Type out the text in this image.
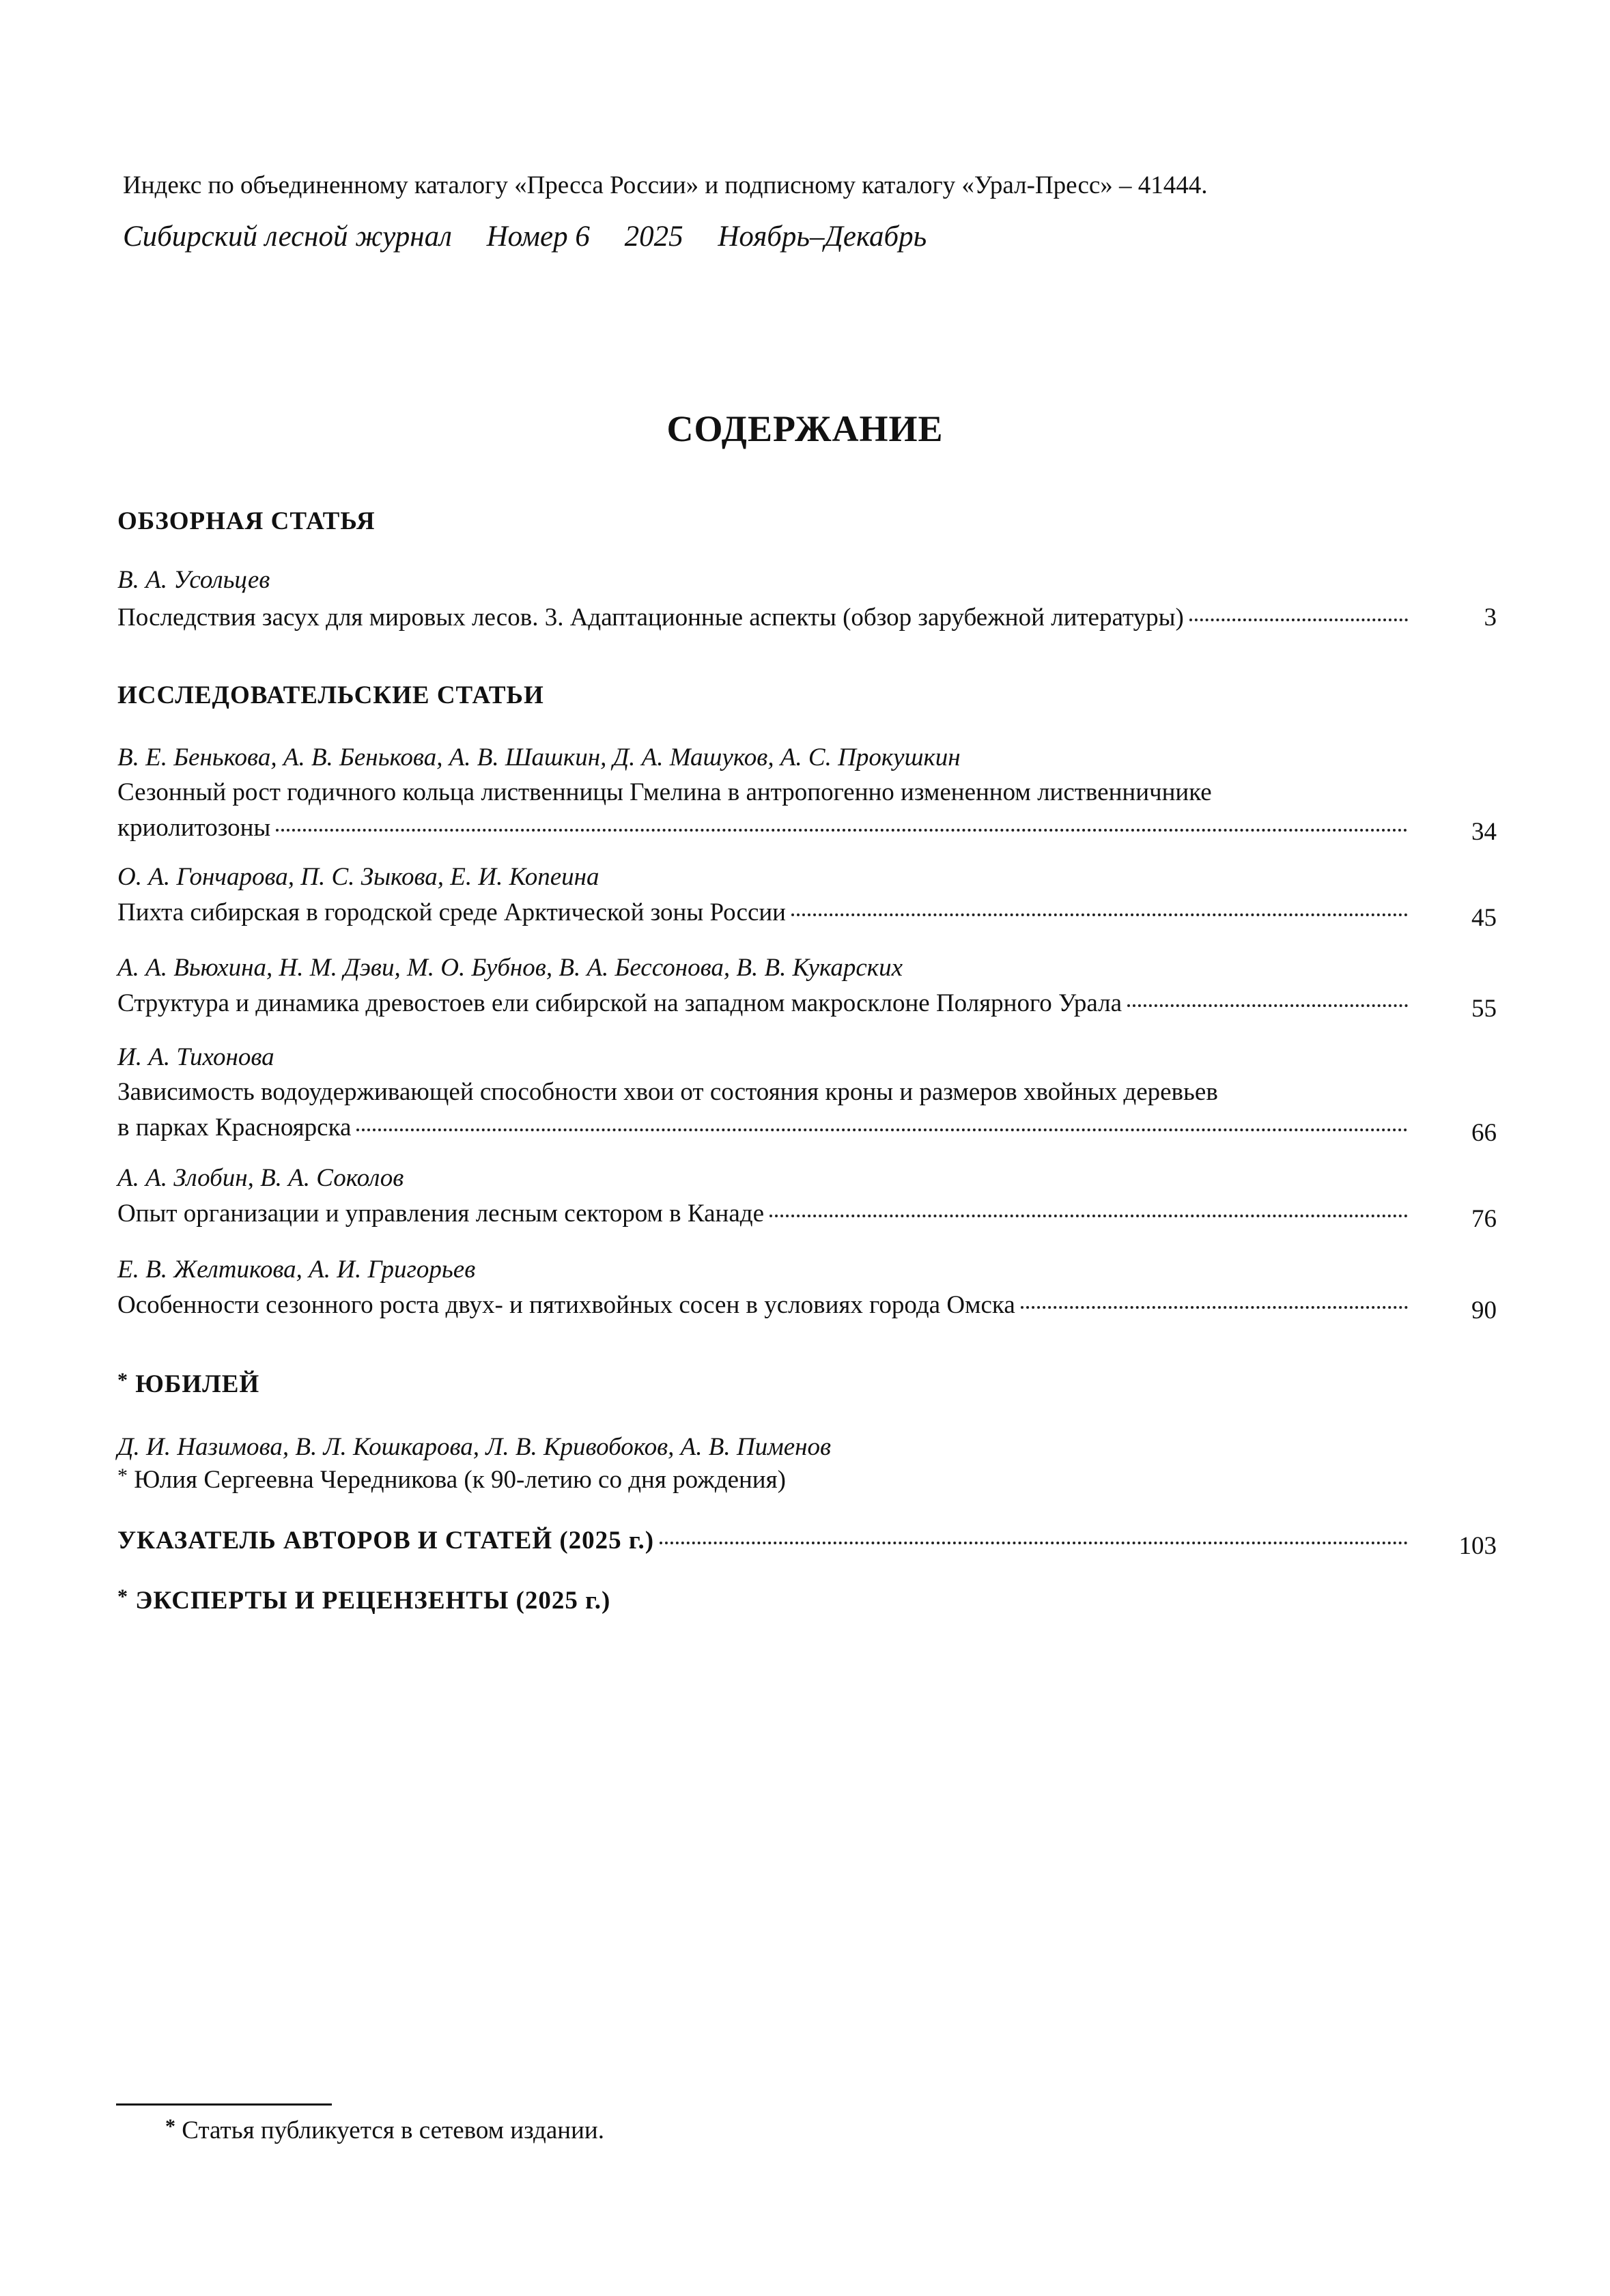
Индекс по объединенному каталогу «Пресса России» и подписному каталогу «Урал-Пресс» – 41444.
Сибирский лесной журнал Номер 6 2025 Ноябрь–Декабрь
СОДЕРЖАНИЕ
ОБЗОРНАЯ СТАТЬЯ
В. А. Усольцев
Последствия засух для мировых лесов. 3. Адаптационные аспекты (обзор зарубежной литературы)	3
ИССЛЕДОВАТЕЛЬСКИЕ СТАТЬИ
В. Е. Бенькова, А. В. Бенькова, А. В. Шашкин, Д. А. Машуков, А. С. Прокушкин
Сезонный рост годичного кольца лиственницы Гмелина в антропогенно измененном лиственничнике
криолитозоны	34
О. А. Гончарова, П. С. Зыкова, Е. И. Копеина
Пихта сибирская в городской среде Арктической зоны России	45
А. А. Вьюхина, Н. М. Дэви, М. О. Бубнов, В. А. Бессонова, В. В. Кукарских
Структура и динамика древостоев ели сибирской на западном макросклоне Полярного Урала	55
И. А. Тихонова
Зависимость водоудерживающей способности хвои от состояния кроны и размеров хвойных деревьев
в парках Красноярска	66
А. А. Злобин, В. А. Соколов
Опыт организации и управления лесным сектором в Канаде	76
Е. В. Желтикова, А. И. Григорьев
Особенности сезонного роста двух- и пятихвойных сосен в условиях города Омска	90
* ЮБИЛЕЙ
Д. И. Назимова, В. Л. Кошкарова, Л. В. Кривобоков, А. В. Пименов
* Юлия Сергеевна Чередникова (к 90-летию со дня рождения)
УКАЗАТЕЛЬ АВТОРОВ И СТАТЕЙ (2025 г.)	103
* ЭКСПЕРТЫ И РЕЦЕНЗЕНТЫ (2025 г.)
* Статья публикуется в сетевом издании.
